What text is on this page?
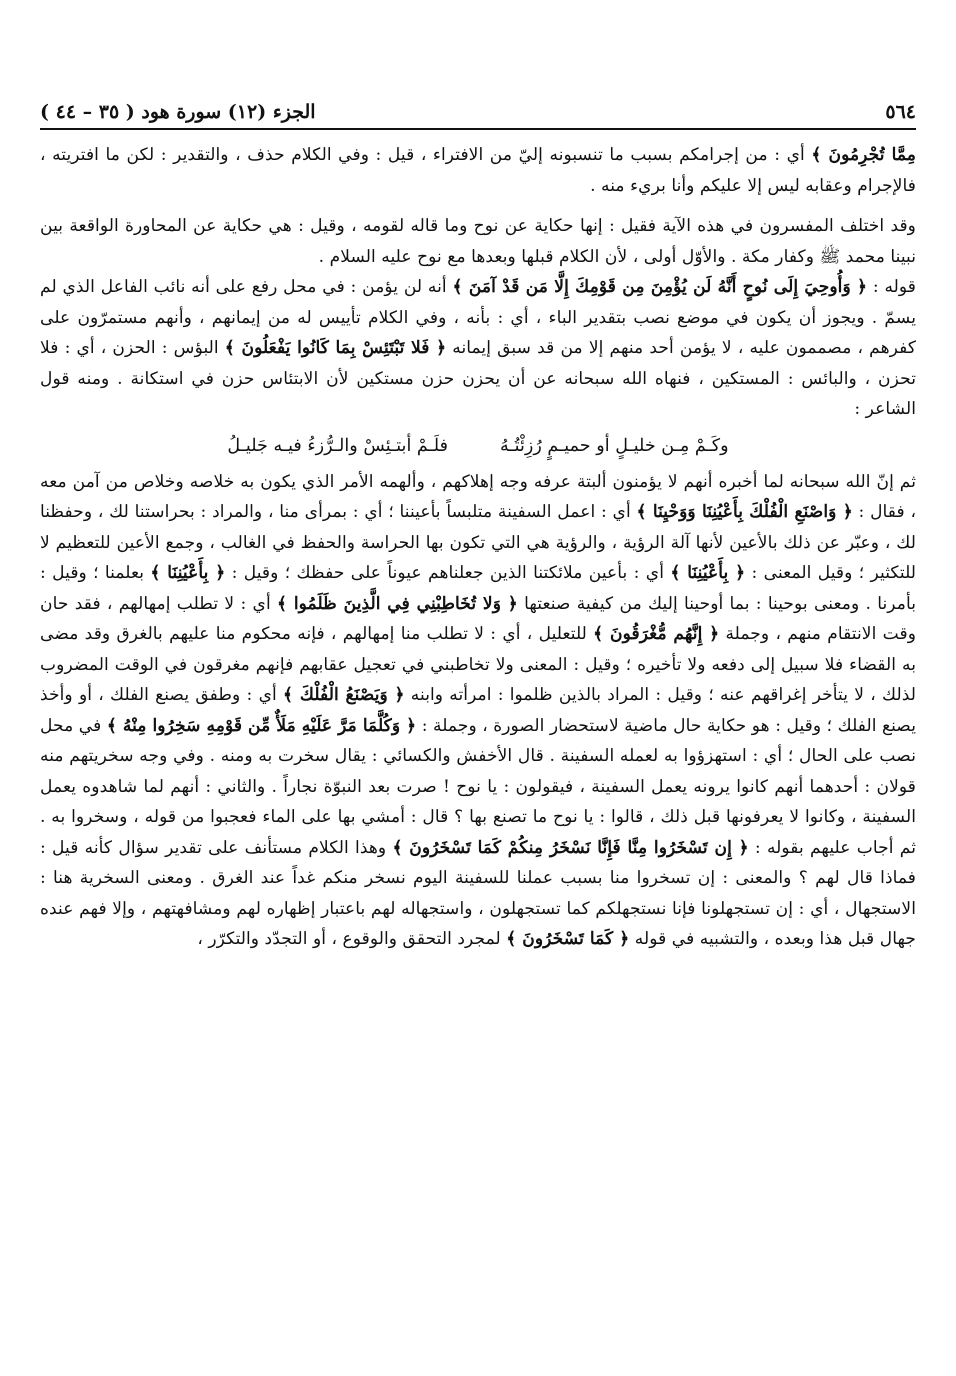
٥٦٤
الجزء (١٢) سورة هود ( ٣٥ – ٤٤ )

مِمَّا تُجْرِمُونَ ﴾ أي : من إجرامكم بسبب ما تنسبونه إليّ من الافتراء ، قيل : وفي الكلام حذف ، والتقدير : لكن ما افتريته ، فالإجرام وعقابه ليس إلا عليكم وأنا بريء منه .

وقد اختلف المفسرون في هذه الآية فقيل : إنها حكاية عن نوح وما قاله لقومه ، وقيل : هي حكاية عن المحاورة الواقعة بين نبينا محمد ﷺ وكفار مكة . والأوّل أولى ، لأن الكلام قبلها وبعدها مع نوح عليه السلام .

قوله : ﴿ وَأُوحِيَ إِلَى نُوحٍ أَنَّهُ لَن يُؤْمِنَ مِن قَوْمِكَ إِلَّا مَن قَدْ آمَنَ ﴾ أنه لن يؤمن : في محل رفع على أنه نائب الفاعل الذي لم يسمّ . ويجوز أن يكون في موضع نصب بتقدير الباء ، أي : بأنه ، وفي الكلام تأييس له من إيمانهم ، وأنهم مستمرّون على كفرهم ، مصممون عليه ، لا يؤمن أحد منهم إلا من قد سبق إيمانه ﴿ فَلا تَبْتَئِسْ بِمَا كَانُوا يَفْعَلُونَ ﴾ البؤس : الحزن ، أي : فلا تحزن ، والبائس : المستكين ، فنهاه الله سبحانه عن أن يحزن حزن مستكين لأن الابتئاس حزن في استكانة . ومنه قول الشاعر :

وكَـمْ مِـن خليـلٍ أو حميـمٍ رُزِئْتُـهُ
فلَـمْ أبتـئِسْ والـرُّزءُ فيـه جَليـلُ

ثم إنّ الله سبحانه لما أخبره أنهم لا يؤمنون ألبتة عرفه وجه إهلاكهم ، وألهمه الأمر الذي يكون به خلاصه وخلاص من آمن معه ، فقال : ﴿ وَاصْنَعِ الْفُلْكَ بِأَعْيُنِنَا وَوَحْيِنَا ﴾ أي : اعمل السفينة متلبساً بأعيننا ؛ أي : بمرأى منا ، والمراد : بحراستنا لك ، وحفظنا لك ، وعبّر عن ذلك بالأعين لأنها آلة الرؤية ، والرؤية هي التي تكون بها الحراسة والحفظ في الغالب ، وجمع الأعين للتعظيم لا للتكثير ؛ وقيل المعنى : ﴿ بِأَعْيُنِنَا ﴾ أي : بأعين ملائكتنا الذين جعلناهم عيوناً على حفظك ؛ وقيل : ﴿ بِأَعْيُنِنَا ﴾ بعلمنا ؛ وقيل : بأمرنا . ومعنى بوحينا : بما أوحينا إليك من كيفية صنعتها ﴿ وَلا تُخَاطِبْنِي فِي الَّذِينَ ظَلَمُوا ﴾ أي : لا تطلب إمهالهم ، فقد حان وقت الانتقام منهم ، وجملة ﴿ إِنَّهُم مُّغْرَقُونَ ﴾ للتعليل ، أي : لا تطلب منا إمهالهم ، فإنه محكوم منا عليهم بالغرق وقد مضى به القضاء فلا سبيل إلى دفعه ولا تأخيره ؛ وقيل : المعنى ولا تخاطبني في تعجيل عقابهم فإنهم مغرقون في الوقت المضروب لذلك ، لا يتأخر إغراقهم عنه ؛ وقيل : المراد بالذين ظلموا : امرأته وابنه ﴿ وَيَصْنَعُ الْفُلْكَ ﴾ أي : وطفق يصنع الفلك ، أو وأخذ يصنع الفلك ؛ وقيل : هو حكاية حال ماضية لاستحضار الصورة ، وجملة : ﴿ وَكُلَّمَا مَرَّ عَلَيْهِ مَلَأٌ مِّن قَوْمِهِ سَخِرُوا مِنْهُ ﴾ في محل نصب على الحال ؛ أي : استهزؤوا به لعمله السفينة . قال الأخفش والكسائي : يقال سخرت به ومنه . وفي وجه سخريتهم منه قولان : أحدهما أنهم كانوا يرونه يعمل السفينة ، فيقولون : يا نوح ! صرت بعد النبوّة نجاراً . والثاني : أنهم لما شاهدوه يعمل السفينة ، وكانوا لا يعرفونها قبل ذلك ، قالوا : يا نوح ما تصنع بها ؟ قال : أمشي بها على الماء فعجبوا من قوله ، وسخروا به . ثم أجاب عليهم بقوله : ﴿ إِن تَسْخَرُوا مِنَّا فَإِنَّا نَسْخَرُ مِنكُمْ كَمَا تَسْخَرُونَ ﴾ وهذا الكلام مستأنف على تقدير سؤال كأنه قيل : فماذا قال لهم ؟ والمعنى : إن تسخروا منا بسبب عملنا للسفينة اليوم نسخر منكم غداً عند الغرق . ومعنى السخرية هنا : الاستجهال ، أي : إن تستجهلونا فإنا نستجهلكم كما تستجهلون ، واستجهاله لهم باعتبار إظهاره لهم ومشافهتهم ، وإلا فهم عنده جهال قبل هذا وبعده ، والتشبيه في قوله ﴿ كَمَا تَسْخَرُونَ ﴾ لمجرد التحقق والوقوع ، أو التجدّد والتكرّر ،
